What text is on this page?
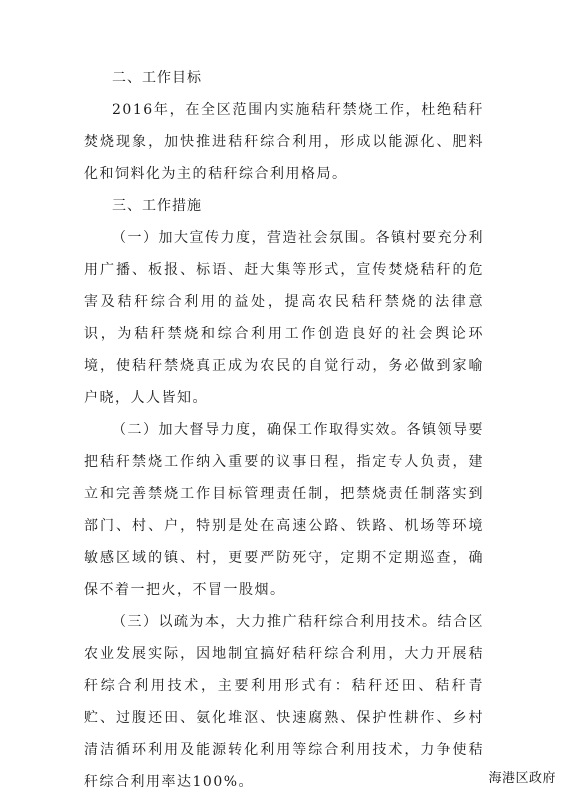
二、工作目标

2016年，在全区范围内实施秸秆禁烧工作，杜绝秸秆焚烧现象，加快推进秸秆综合利用，形成以能源化、肥料化和饲料化为主的秸秆综合利用格局。

三、工作措施

（一）加大宣传力度，营造社会氛围。各镇村要充分利用广播、板报、标语、赶大集等形式，宣传焚烧秸秆的危害及秸秆综合利用的益处，提高农民秸秆禁烧的法律意识，为秸秆禁烧和综合利用工作创造良好的社会舆论环境，使秸秆禁烧真正成为农民的自觉行动，务必做到家喻户晓，人人皆知。

（二）加大督导力度，确保工作取得实效。各镇领导要把秸秆禁烧工作纳入重要的议事日程，指定专人负责，建立和完善禁烧工作目标管理责任制，把禁烧责任制落实到部门、村、户，特别是处在高速公路、铁路、机场等环境敏感区域的镇、村，更要严防死守，定期不定期巡查，确保不着一把火，不冒一股烟。

（三）以疏为本，大力推广秸秆综合利用技术。结合区农业发展实际，因地制宜搞好秸秆综合利用，大力开展秸秆综合利用技术，主要利用形式有：秸秆还田、秸秆青贮、过腹还田、氨化堆沤、快速腐熟、保护性耕作、乡村清洁循环利用及能源转化利用等综合利用技术，力争使秸秆综合利用率达100%。	海港区政府
